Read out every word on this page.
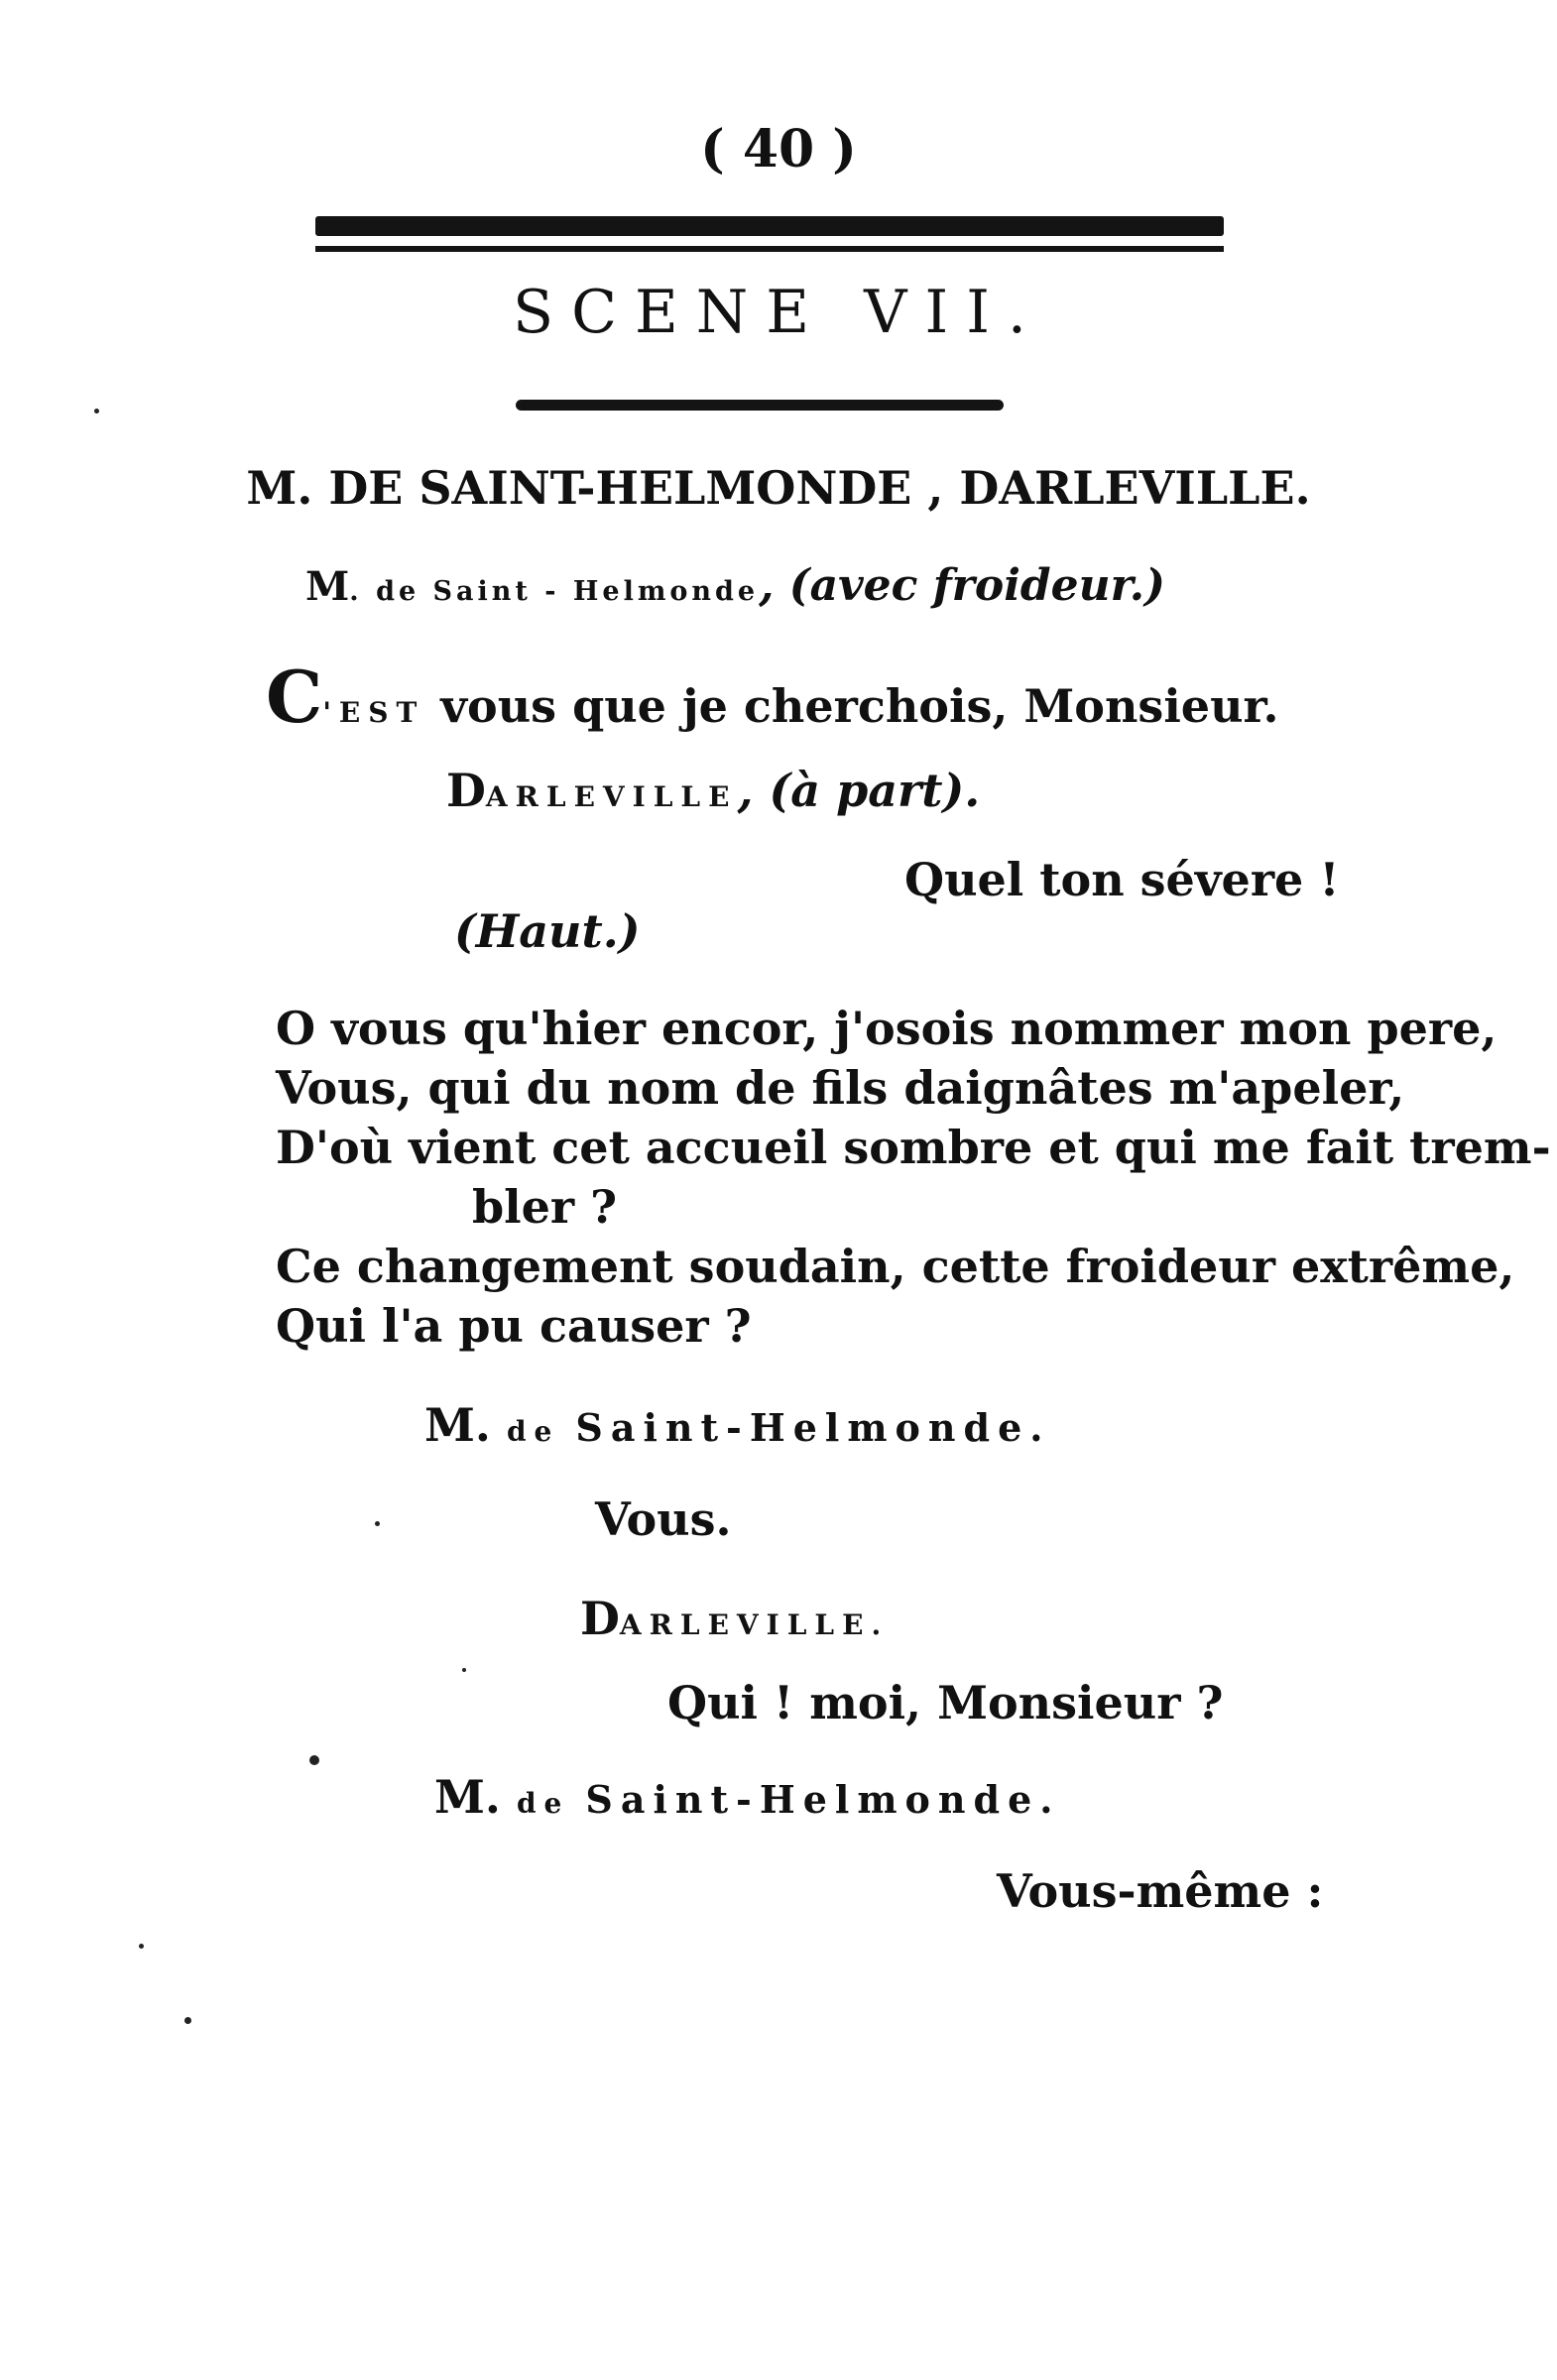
( 40 )
SCENE VII.
M. DE SAINT-HELMONDE , DARLEVILLE.
M. de Saint - Helmonde, (avec froideur.)
C'EST vous que je cherchois, Monsieur.
DARLEVILLE, (à part).
Quel ton sévere !
(Haut.)
O vous qu'hier encor, j'osois nommer mon pere,
Vous, qui du nom de fils daignâtes m'apeler,
D'où vient cet accueil sombre et qui me fait trem-
bler ?
Ce changement soudain, cette froideur extrême,
Qui l'a pu causer ?
M. de Saint-Helmonde.
Vous.
DARLEVILLE.
Qui ! moi, Monsieur ?
M. de Saint-Helmonde.
Vous-même :
